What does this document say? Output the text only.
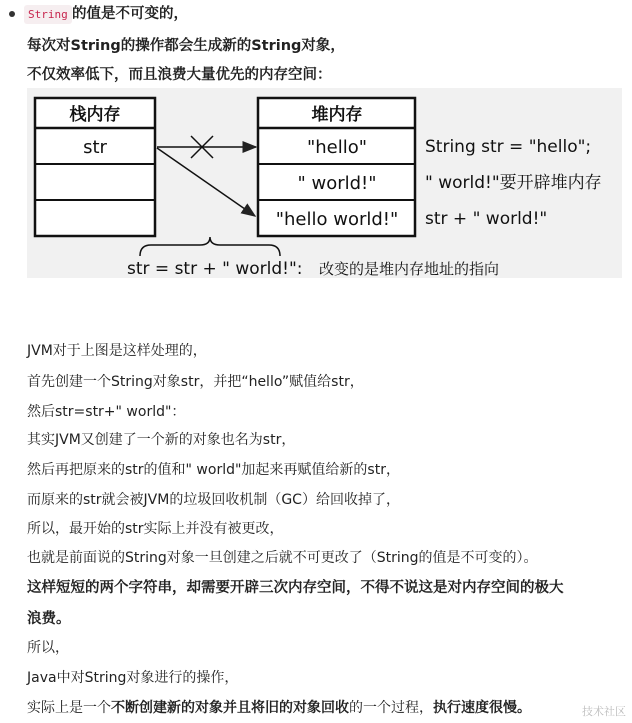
String 的值是不可变的，
每次对String的操作都会生成新的String对象，
不仅效率低下，而且浪费大量优先的内存空间：
栈内存
str
堆内存
"hello"
" world!"
"hello world!"
String str = "hello";
" world!"要开辟堆内存
str + " world!"
str = str + " world!": 改变的是堆内存地址的指向
JVM对于上图是这样处理的，
首先创建一个String对象str，并把“hello”赋值给str，
然后str=str+" world"：
其实JVM又创建了一个新的对象也名为str，
然后再把原来的str的值和" world"加起来再赋值给新的str，
而原来的str就会被JVM的垃圾回收机制（GC）给回收掉了，
所以，最开始的str实际上并没有被更改，
也就是前面说的String对象一旦创建之后就不可更改了（String的值是不可变的）。
这样短短的两个字符串，却需要开辟三次内存空间，不得不说这是对内存空间的极大
浪费。
所以，
Java中对String对象进行的操作，
实际上是一个不断创建新的对象并且将旧的对象回收的一个过程，执行速度很慢。	技术社区
